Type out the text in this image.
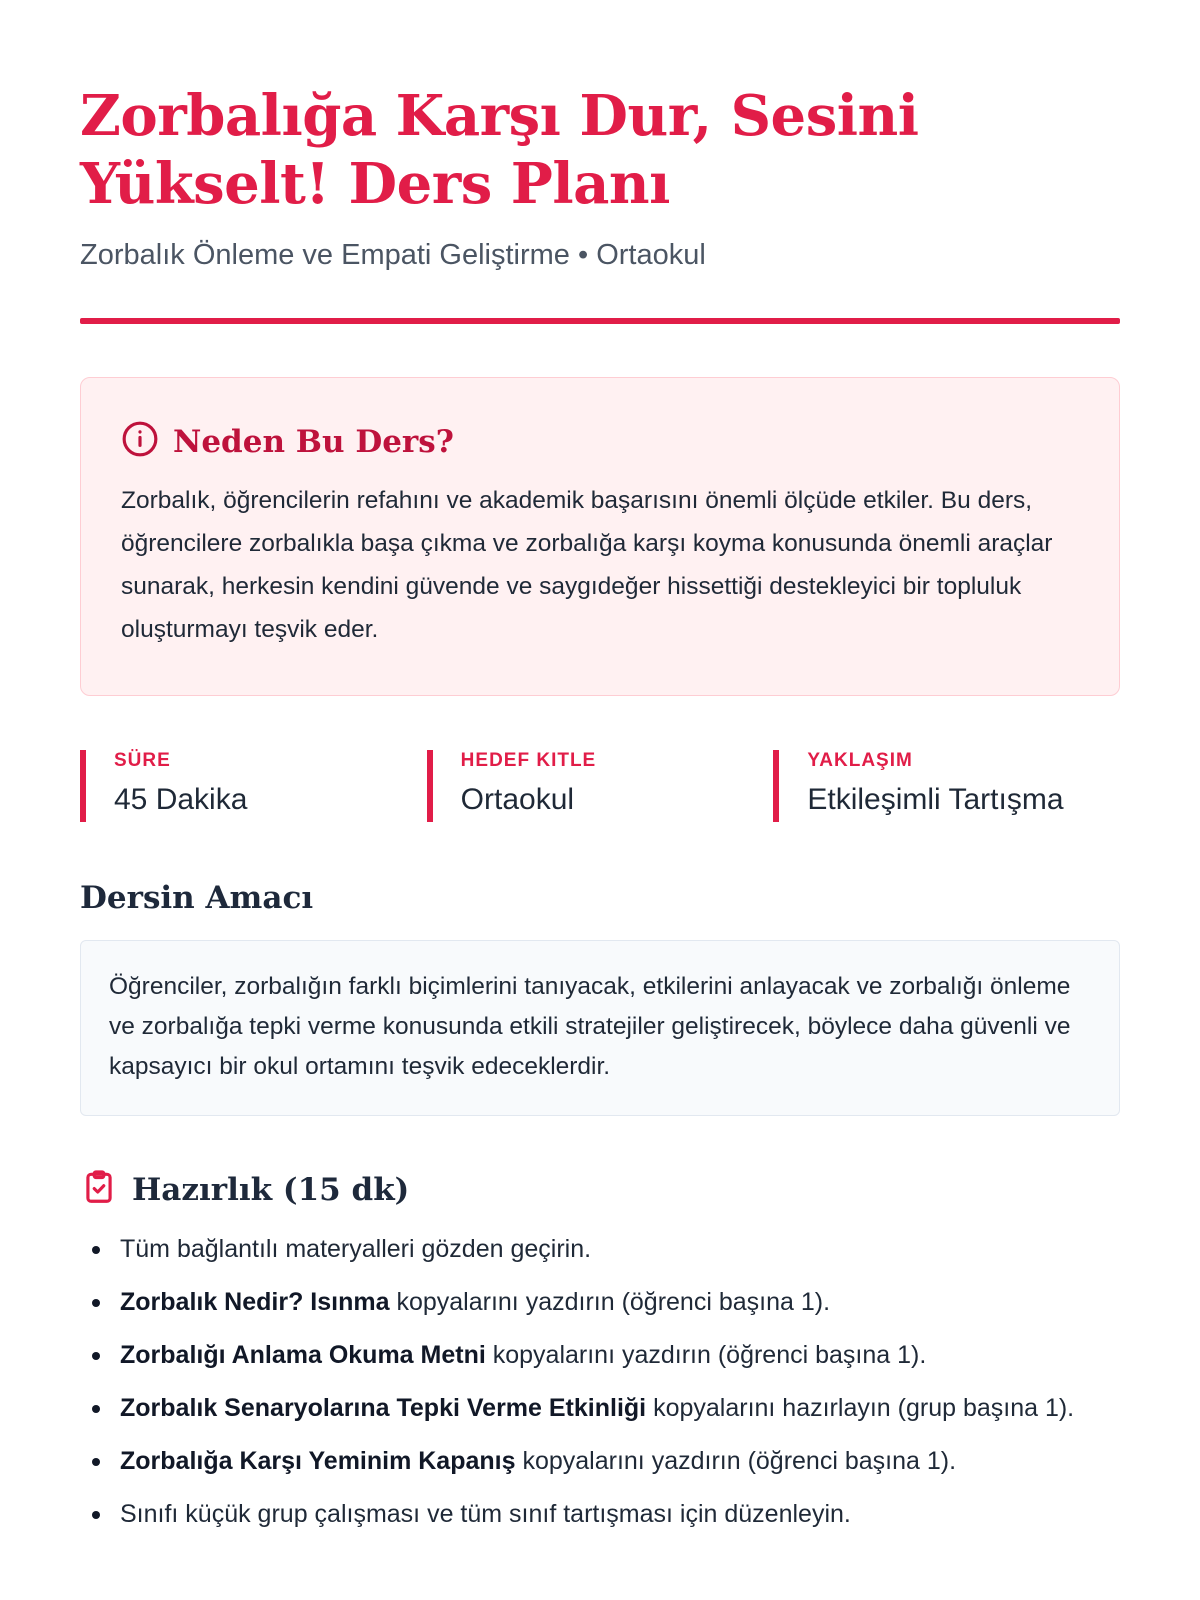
Zorbalığa Karşı Dur, Sesini Yükselt! Ders Planı
Zorbalık Önleme ve Empati Geliştirme • Ortaokul
Neden Bu Ders?

Zorbalık, öğrencilerin refahını ve akademik başarısını önemli ölçüde etkiler. Bu ders, öğrencilere zorbalıkla başa çıkma ve zorbalığa karşı koyma konusunda önemli araçlar sunarak, herkesin kendini güvende ve saygıdeğer hissettiği destekleyici bir topluluk oluşturmayı teşvik eder.

SÜRE
45 Dakika
HEDEF KITLE
Ortaokul
YAKLAŞIM
Etkileşimli Tartışma
Dersin Amacı
Öğrenciler, zorbalığın farklı biçimlerini tanıyacak, etkilerini anlayacak ve zorbalığı önleme ve zorbalığa tepki verme konusunda etkili stratejiler geliştirecek, böylece daha güvenli ve kapsayıcı bir okul ortamını teşvik edeceklerdir.
Hazırlık (15 dk)
Tüm bağlantılı materyalleri gözden geçirin.
Zorbalık Nedir? Isınma kopyalarını yazdırın (öğrenci başına 1).
Zorbalığı Anlama Okuma Metni kopyalarını yazdırın (öğrenci başına 1).
Zorbalık Senaryolarına Tepki Verme Etkinliği kopyalarını hazırlayın (grup başına 1).
Zorbalığa Karşı Yeminim Kapanış kopyalarını yazdırın (öğrenci başına 1).
Sınıfı küçük grup çalışması ve tüm sınıf tartışması için düzenleyin.
